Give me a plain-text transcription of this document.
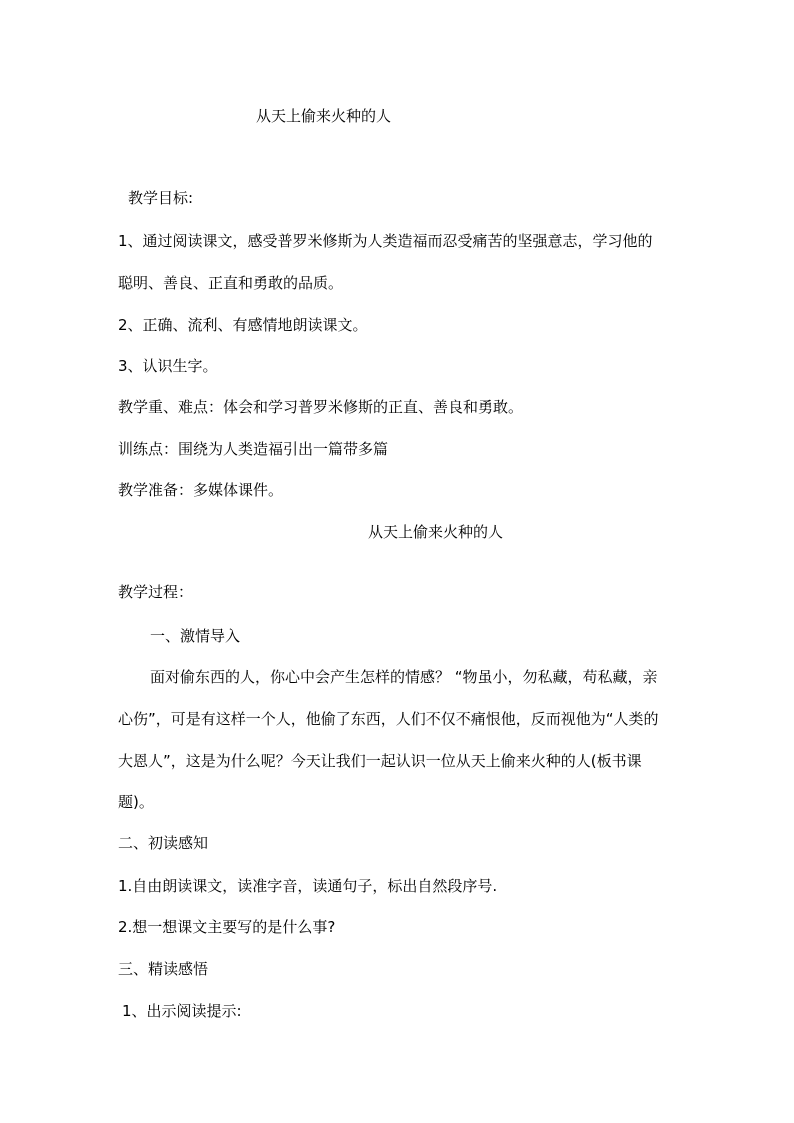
从天上偷来火种的人
教学目标:
1、通过阅读课文，感受普罗米修斯为人类造福而忍受痛苦的坚强意志，学习他的
聪明、善良、正直和勇敢的品质。
2、正确、流利、有感情地朗读课文。
3、认识生字。
教学重、难点：体会和学习普罗米修斯的正直、善良和勇敢。
训练点：围绕为人类造福引出一篇带多篇
教学准备：多媒体课件。
从天上偷来火种的人
教学过程：
一、激情导入
面对偷东西的人，你心中会产生怎样的情感？ “物虽小，勿私藏，苟私藏，亲
心伤”，可是有这样一个人，他偷了东西，人们不仅不痛恨他，反而视他为“人类的
大恩人”，这是为什么呢？今天让我们一起认识一位从天上偷来火种的人(板书课
题)。
二、初读感知
1.自由朗读课文，读准字音，读通句子，标出自然段序号.
2.想一想课文主要写的是什么事?
三、精读感悟
1、出示阅读提示:
